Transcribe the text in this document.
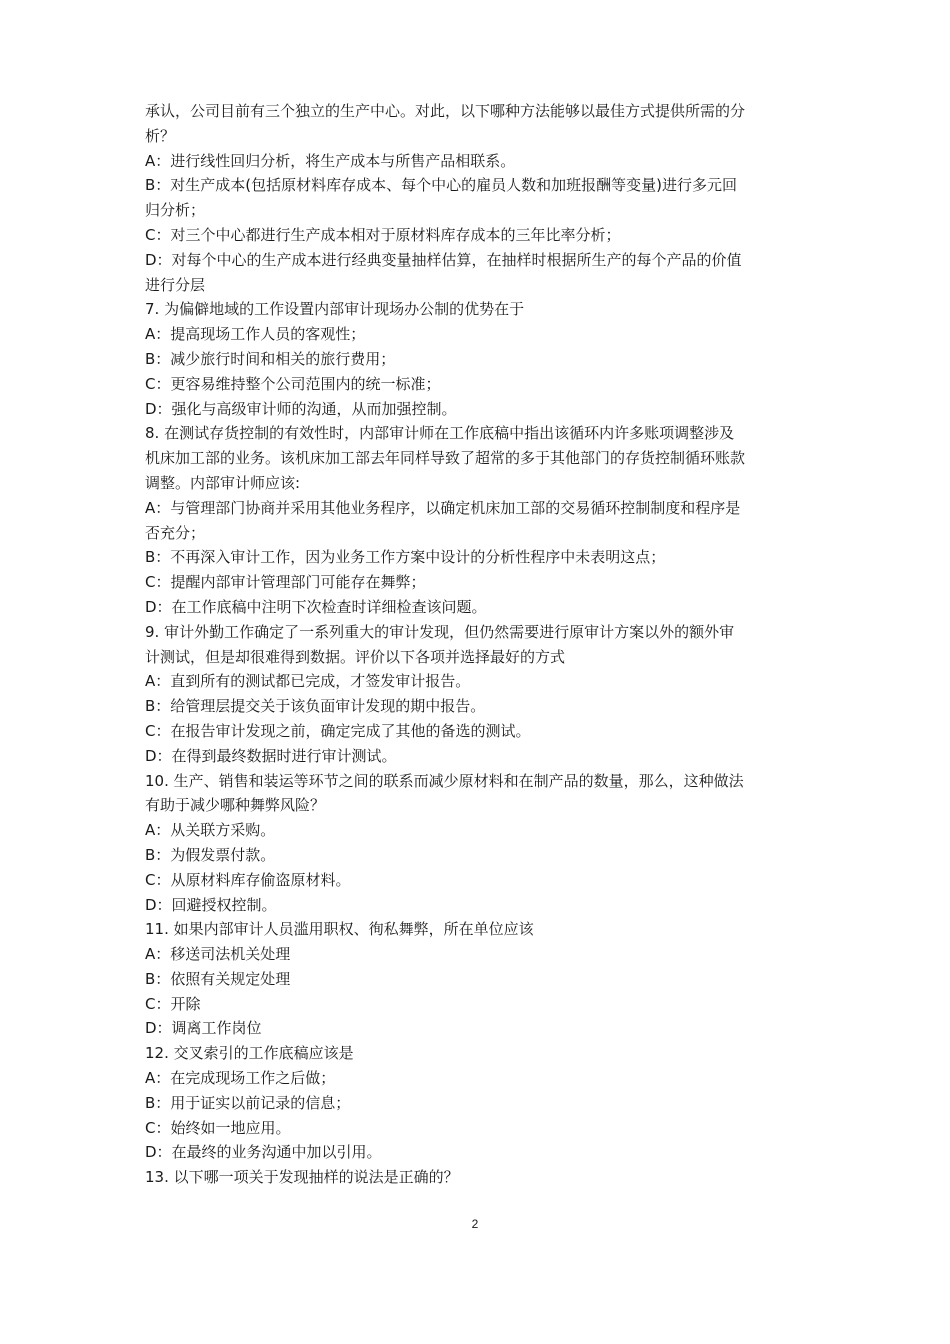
承认，公司目前有三个独立的生产中心。对此，以下哪种方法能够以最佳方式提供所需的分
析？
A：进行线性回归分析，将生产成本与所售产品相联系。
B：对生产成本(包括原材料库存成本、每个中心的雇员人数和加班报酬等变量)进行多元回
归分析；
C：对三个中心都进行生产成本相对于原材料库存成本的三年比率分析；
D：对每个中心的生产成本进行经典变量抽样估算，在抽样时根据所生产的每个产品的价值
进行分层
7. 为偏僻地域的工作设置内部审计现场办公制的优势在于
A：提高现场工作人员的客观性；
B：减少旅行时间和相关的旅行费用；
C：更容易维持整个公司范围内的统一标准；
D：强化与高级审计师的沟通，从而加强控制。
8. 在测试存货控制的有效性时，内部审计师在工作底稿中指出该循环内许多账项调整涉及
机床加工部的业务。该机床加工部去年同样导致了超常的多于其他部门的存货控制循环账款
调整。内部审计师应该:
A：与管理部门协商并采用其他业务程序，以确定机床加工部的交易循环控制制度和程序是
否充分；
B：不再深入审计工作，因为业务工作方案中设计的分析性程序中未表明这点；
C：提醒内部审计管理部门可能存在舞弊；
D：在工作底稿中注明下次检查时详细检查该问题。
9. 审计外勤工作确定了一系列重大的审计发现，但仍然需要进行原审计方案以外的额外审
计测试，但是却很难得到数据。评价以下各项并选择最好的方式
A：直到所有的测试都已完成，才签发审计报告。
B：给管理层提交关于该负面审计发现的期中报告。
C：在报告审计发现之前，确定完成了其他的备选的测试。
D：在得到最终数据时进行审计测试。
10. 生产、销售和装运等环节之间的联系而减少原材料和在制产品的数量，那么，这种做法
有助于减少哪种舞弊风险？
A：从关联方采购。
B：为假发票付款。
C：从原材料库存偷盗原材料。
D：回避授权控制。
11. 如果内部审计人员滥用职权、徇私舞弊，所在单位应该
A：移送司法机关处理
B：依照有关规定处理
C：开除
D：调离工作岗位
12. 交叉索引的工作底稿应该是
A：在完成现场工作之后做；
B：用于证实以前记录的信息；
C：始终如一地应用。
D：在最终的业务沟通中加以引用。
13. 以下哪一项关于发现抽样的说法是正确的？
2
